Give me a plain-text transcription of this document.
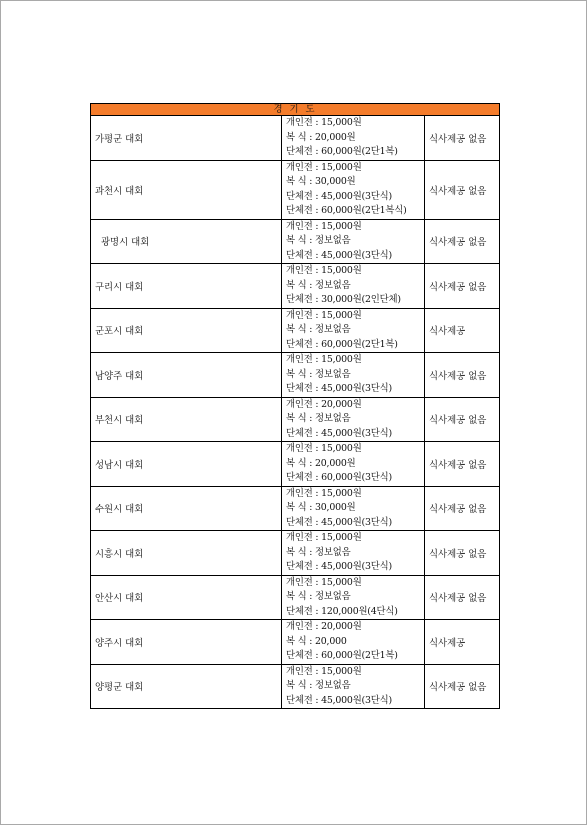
경 기 도		
가평군 대회	개인전 : 15,000원
복 식 : 20,000원
단체전 : 60,000원(2단1복)	식사제공 없음
과천시 대회	개인전 : 15,000원
복 식 : 30,000원
단체전 : 45,000원(3단식)
단체전 : 60,000원(2단1복식)	식사제공 없음
광명시 대회	개인전 : 15,000원
복 식 : 정보없음
단체전 : 45,000원(3단식)	식사제공 없음
구리시 대회	개인전 : 15,000원
복 식 : 정보없음
단체전 : 30,000원(2인단체)	식사제공 없음
군포시 대회	개인전 : 15,000원
복 식 : 정보없음
단체전 : 60,000원(2단1복)	식사제공
남양주 대회	개인전 : 15,000원
복 식 : 정보없음
단체전 : 45,000원(3단식)	식사제공 없음
부천시 대회	개인전 : 20,000원
복 식 : 정보없음
단체전 : 45,000원(3단식)	식사제공 없음
성남시 대회	개인전 : 15,000원
복 식 : 20,000원
단체전 : 60,000원(3단식)	식사제공 없음
수원시 대회	개인전 : 15,000원
복 식 : 30,000원
단체전 : 45,000원(3단식)	식사제공 없음
시흥시 대회	개인전 : 15,000원
복 식 : 정보없음
단체전 : 45,000원(3단식)	식사제공 없음
안산시 대회	개인전 : 15,000원
복 식 : 정보없음
단체전 : 120,000원(4단식)	식사제공 없음
양주시 대회	개인전 : 20,000원
복 식 : 20,000
단체전 : 60,000원(2단1복)	식사제공
양평군 대회	개인전 : 15,000원
복 식 : 정보없음
단체전 : 45,000원(3단식)	식사제공 없음
